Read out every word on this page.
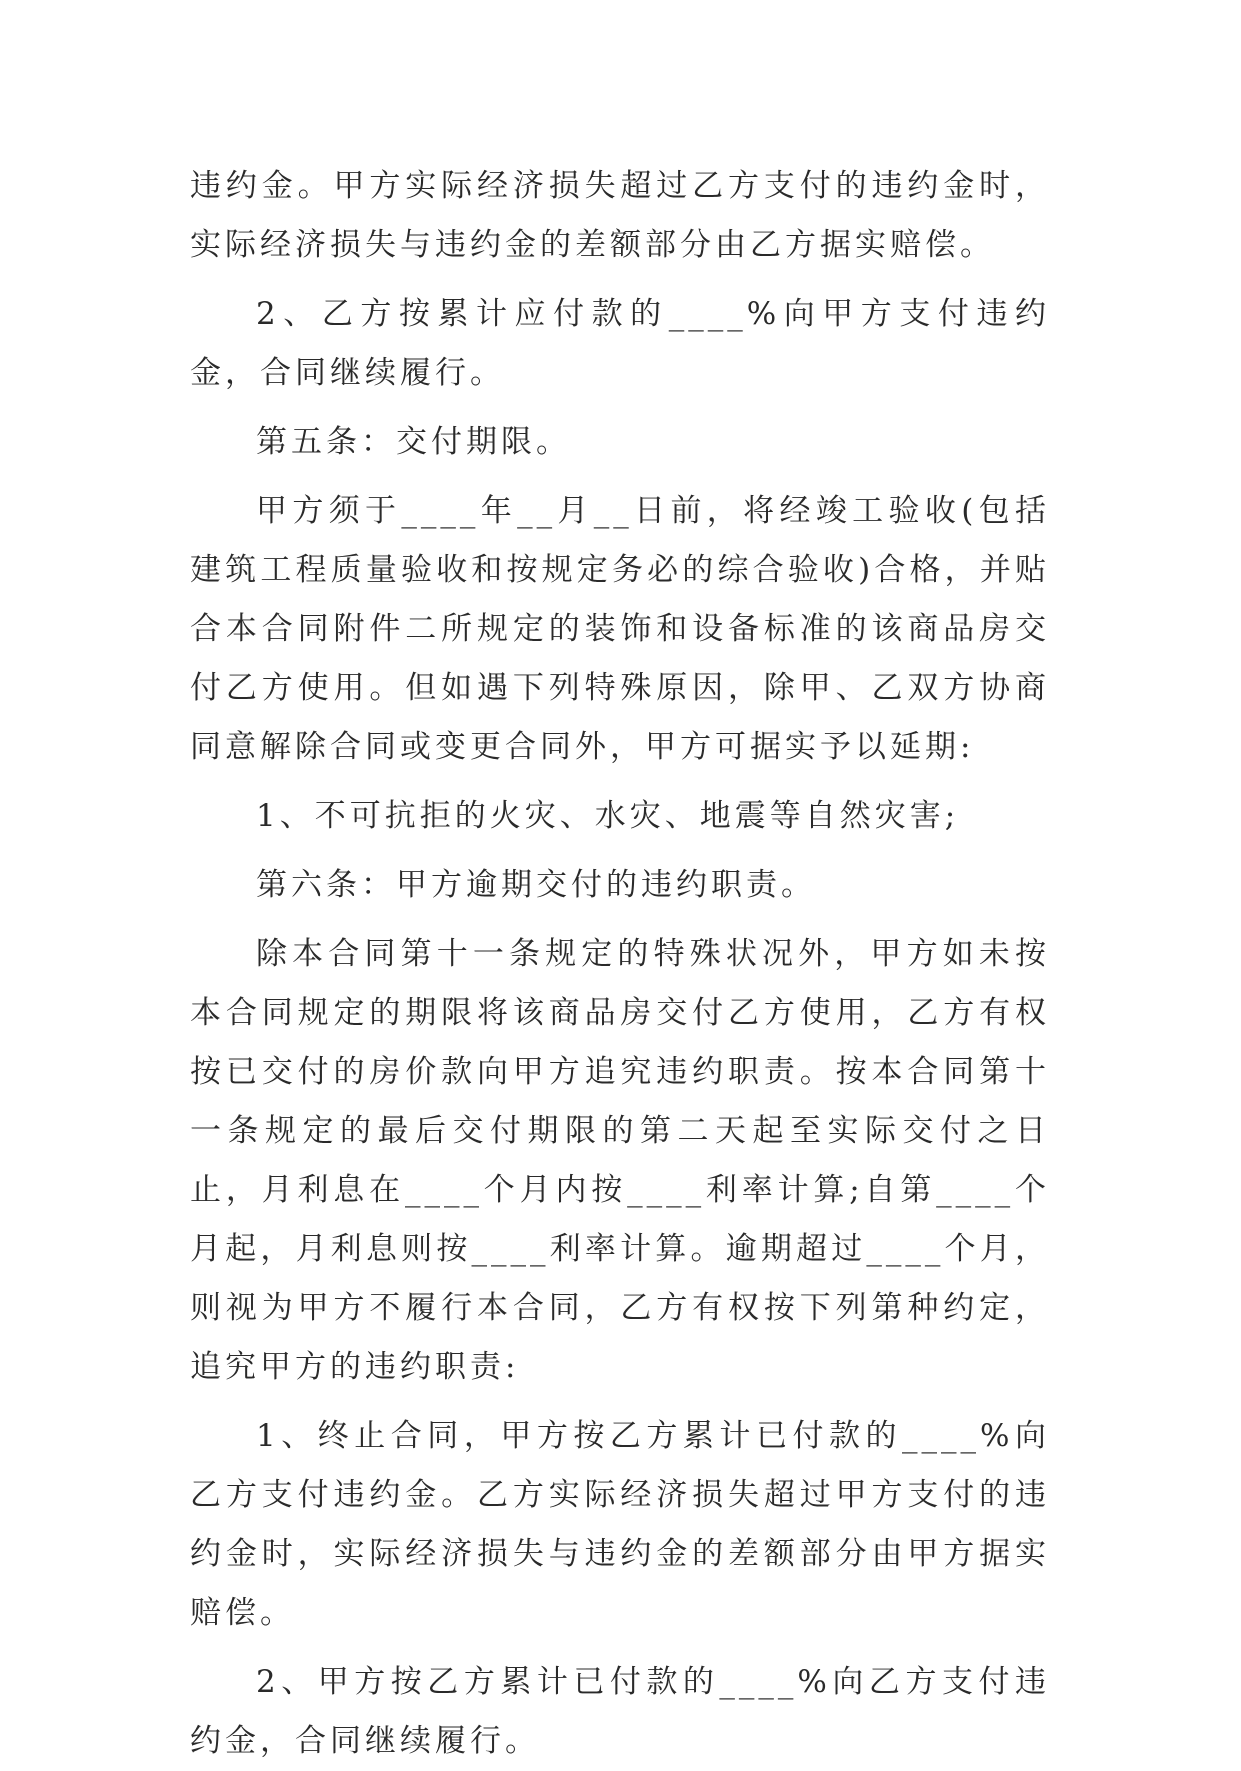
违约金。甲方实际经济损失超过乙方支付的违约金时，实际经济损失与违约金的差额部分由乙方据实赔偿。

2、乙方按累计应付款的____%向甲方支付违约金，合同继续履行。

第五条：交付期限。

甲方须于____年__月__日前，将经竣工验收(包括建筑工程质量验收和按规定务必的综合验收)合格，并贴合本合同附件二所规定的装饰和设备标准的该商品房交付乙方使用。但如遇下列特殊原因，除甲、乙双方协商同意解除合同或变更合同外，甲方可据实予以延期:

1、不可抗拒的火灾、水灾、地震等自然灾害;

第六条：甲方逾期交付的违约职责。

除本合同第十一条规定的特殊状况外，甲方如未按本合同规定的期限将该商品房交付乙方使用，乙方有权按已交付的房价款向甲方追究违约职责。按本合同第十一条规定的最后交付期限的第二天起至实际交付之日止，月利息在____个月内按____利率计算;自第____个月起，月利息则按____利率计算。逾期超过____个月，则视为甲方不履行本合同，乙方有权按下列第种约定，追究甲方的违约职责:

1、终止合同，甲方按乙方累计已付款的____%向乙方支付违约金。乙方实际经济损失超过甲方支付的违约金时，实际经济损失与违约金的差额部分由甲方据实赔偿。

2、甲方按乙方累计已付款的____%向乙方支付违约金，合同继续履行。
